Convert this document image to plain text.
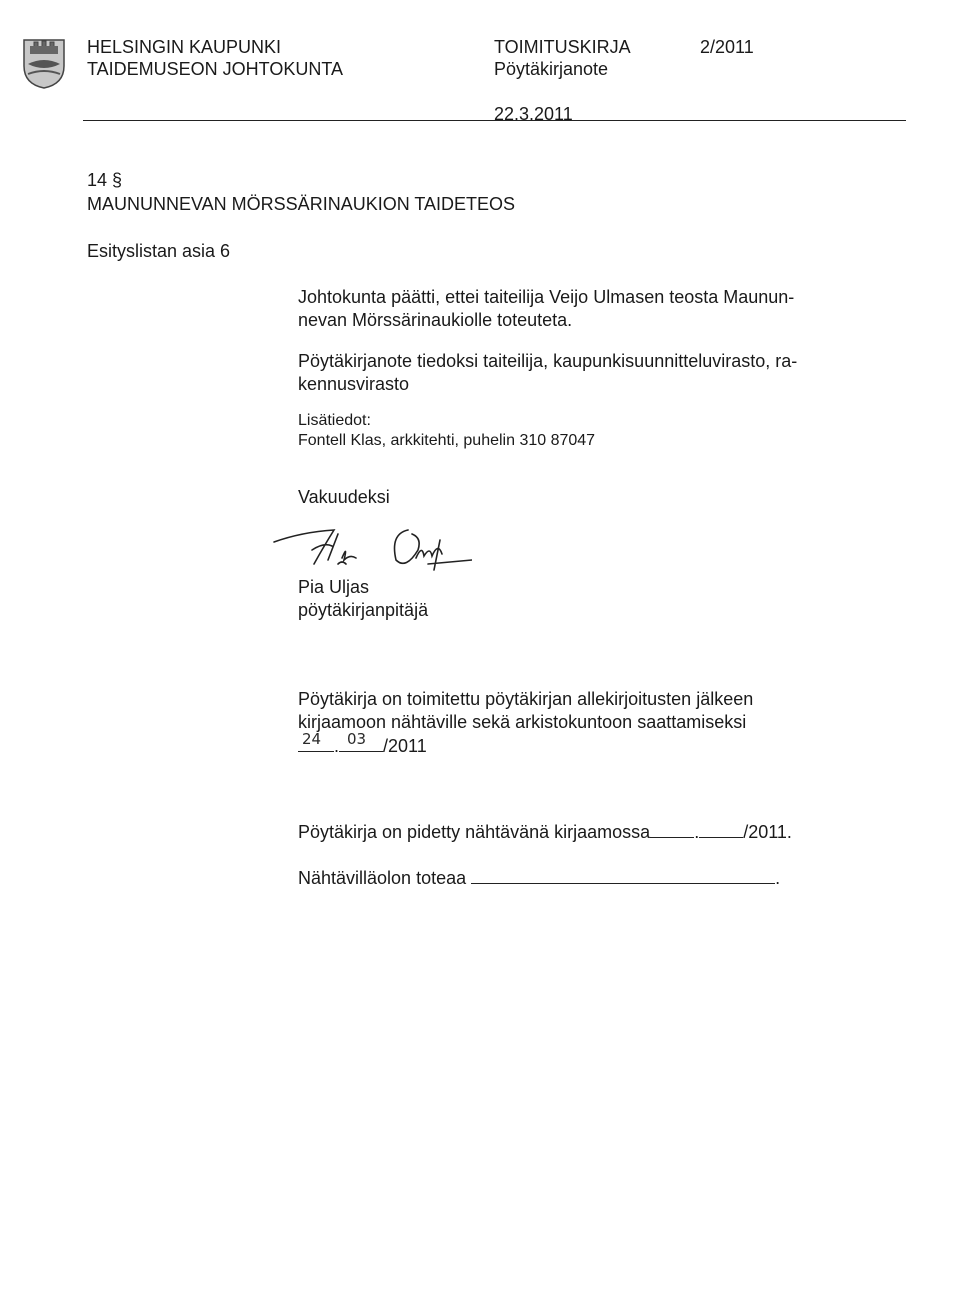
HELSINGIN KAUPUNKI
TAIDEMUSEON JOHTOKUNTA
TOIMITUSKIRJA
Pöytäkirjanote
2/2011
22.3.2011
14 §
MAUNUNNEVAN MÖRSSÄRINAUKION TAIDETEOS
Esityslistan asia 6
Johtokunta päätti, ettei taiteilija Veijo Ulmasen teosta Maunun-
nevan Mörssärinaukiolle toteuteta.
Pöytäkirjanote tiedoksi taiteilija, kaupunkisuunnitteluvirasto, ra-
kennusvirasto
Lisätiedot:
Fontell Klas, arkkitehti, puhelin 310 87047
Vakuudeksi
Pia Uljas
pöytäkirjanpitäjä
Pöytäkirja on toimitettu pöytäkirjan allekirjoitusten jälkeen
kirjaamoon nähtäville sekä arkistokuntoon saattamiseksi
24 . 03 /2011
Pöytäkirja on pidetty nähtävänä kirjaamossa . /2011.
Nähtävilläolon toteaa	.
